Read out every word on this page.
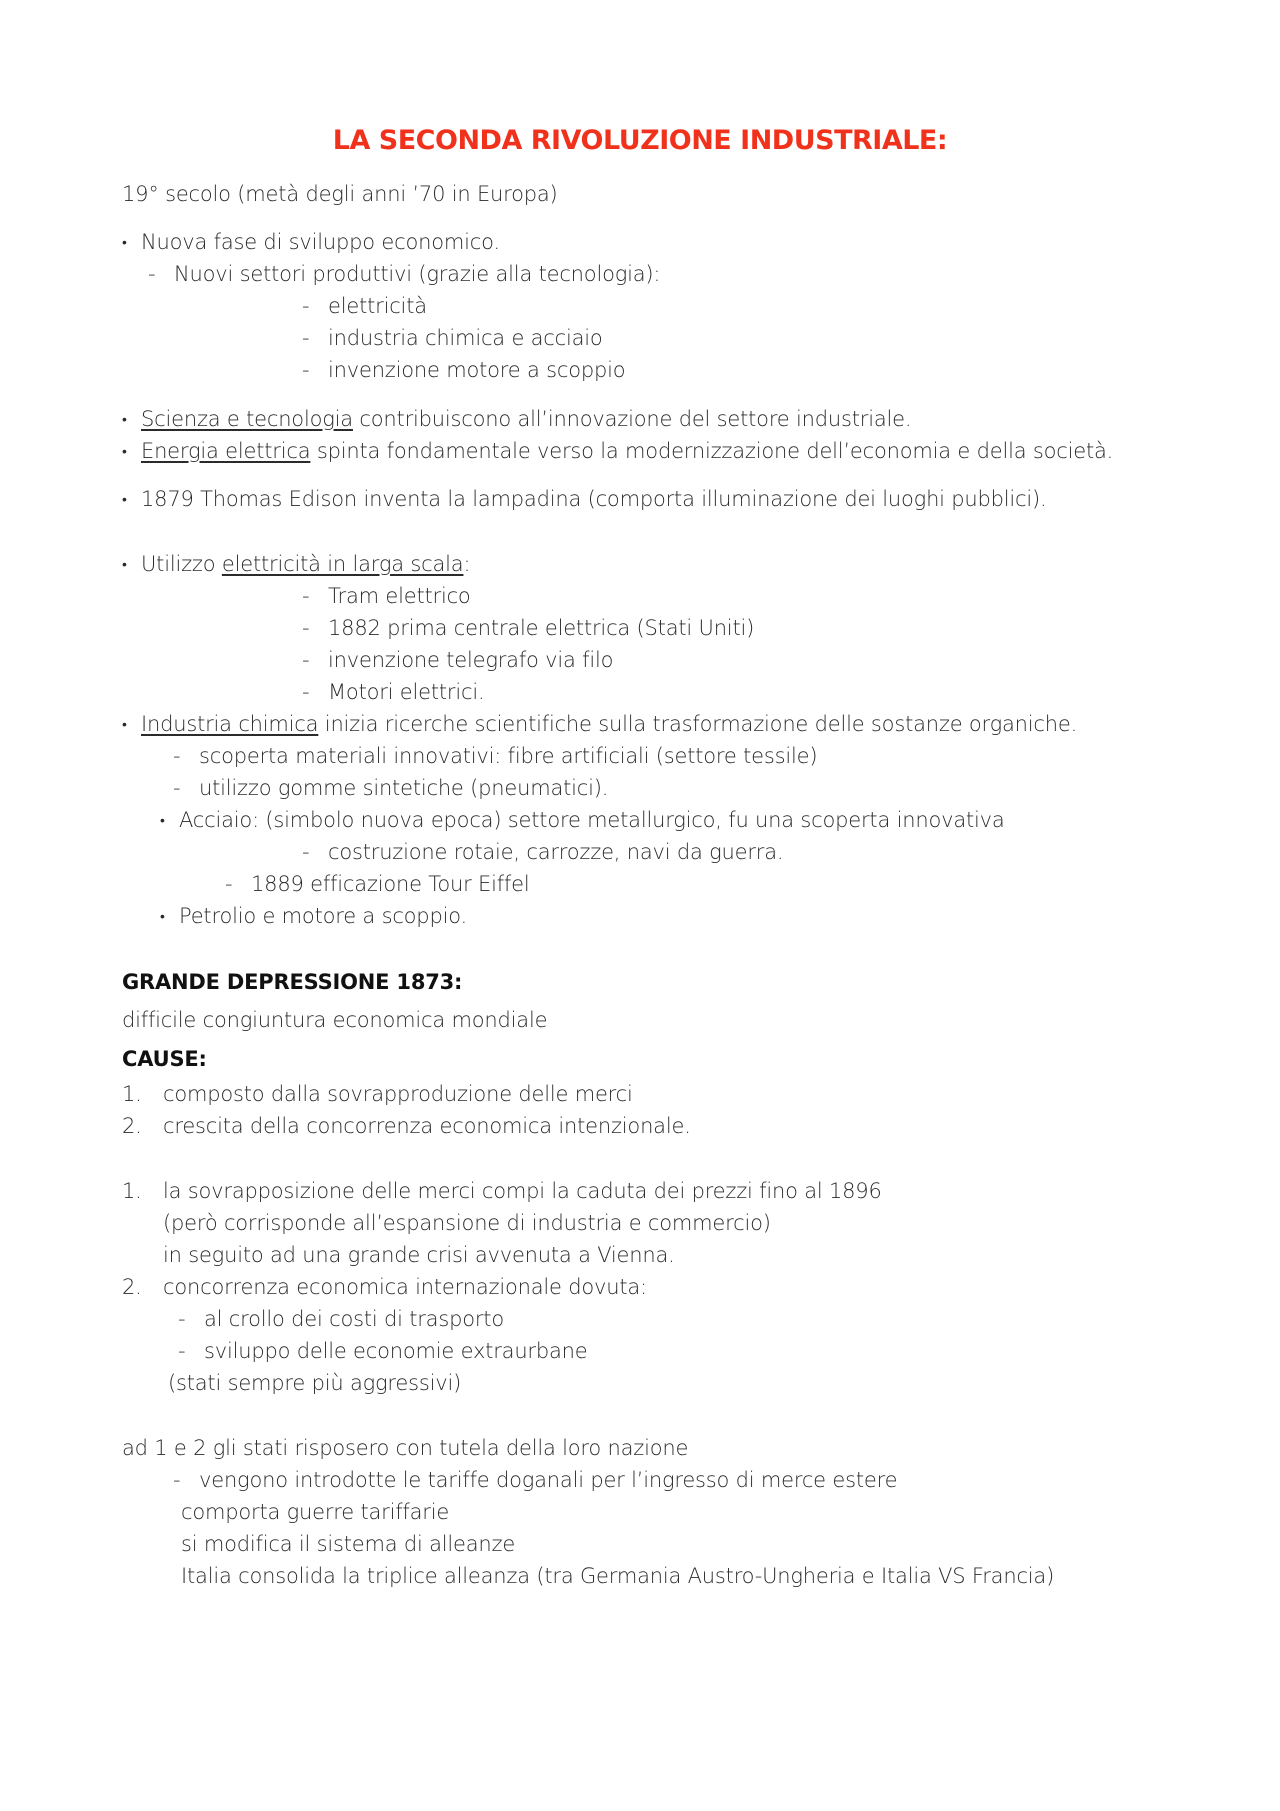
LA SECONDA RIVOLUZIONE INDUSTRIALE:
19° secolo (metà degli anni ’70 in Europa)
• Nuova fase di sviluppo economico.
- Nuovi settori produttivi (grazie alla tecnologia):
- elettricità
- industria chimica e acciaio
- invenzione motore a scoppio
• Scienza e tecnologia contribuiscono all’innovazione del settore industriale.
• Energia elettrica spinta fondamentale verso la modernizzazione dell’economia e della società.
• 1879 Thomas Edison inventa la lampadina (comporta illuminazione dei luoghi pubblici).
• Utilizzo elettricità in larga scala:
- Tram elettrico
- 1882 prima centrale elettrica (Stati Uniti)
- invenzione telegrafo via filo
- Motori elettrici.
• Industria chimica inizia ricerche scientifiche sulla trasformazione delle sostanze organiche.
- scoperta materiali innovativi: fibre artificiali (settore tessile)
- utilizzo gomme sintetiche (pneumatici).
• Acciaio: (simbolo nuova epoca) settore metallurgico, fu una scoperta innovativa
- costruzione rotaie, carrozze, navi da guerra.
- 1889 efficazione Tour Eiffel
• Petrolio e motore a scoppio.
GRANDE DEPRESSIONE 1873:
difficile congiuntura economica mondiale
CAUSE:
1. composto dalla sovrapproduzione delle merci
2. crescita della concorrenza economica intenzionale.
1. la sovrapposizione delle merci compi la caduta dei prezzi fino al 1896
(però corrisponde all’espansione di industria e commercio)
in seguito ad una grande crisi avvenuta a Vienna.
2. concorrenza economica internazionale dovuta:
- al crollo dei costi di trasporto
- sviluppo delle economie extraurbane
(stati sempre più aggressivi)
ad 1 e 2 gli stati risposero con tutela della loro nazione
- vengono introdotte le tariffe doganali per l’ingresso di merce estere
comporta guerre tariffarie
si modifica il sistema di alleanze
Italia consolida la triplice alleanza (tra Germania Austro-Ungheria e Italia VS Francia)
